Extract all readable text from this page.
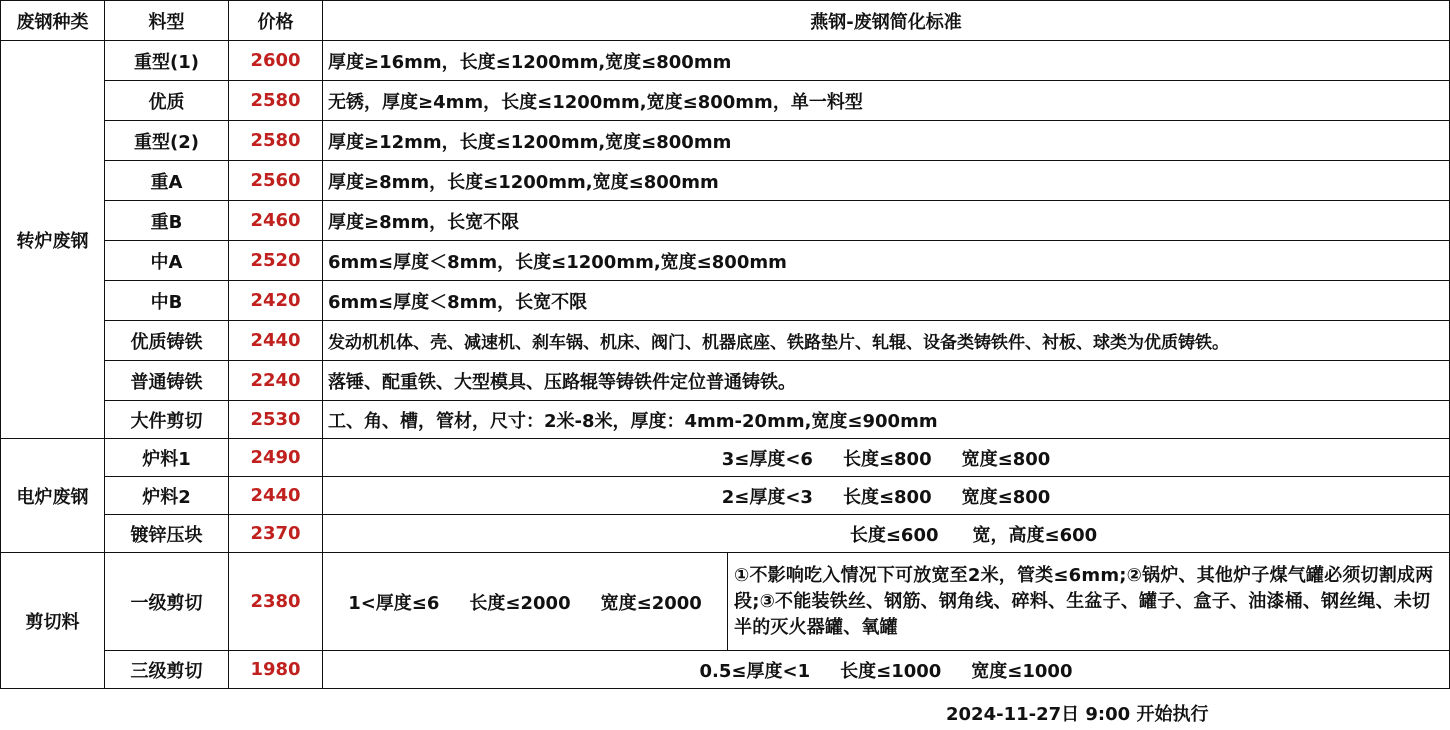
废钢种类	料型	价格	燕钢-废钢简化标准	
转炉废钢	重型(1)	2600	厚度≥16mm，长度≤1200mm,宽度≤800mm	
	优质	2580	无锈，厚度≥4mm，长度≤1200mm,宽度≤800mm，单一料型	
	重型(2)	2580	厚度≥12mm，长度≤1200mm,宽度≤800mm	
	重A	2560	厚度≥8mm，长度≤1200mm,宽度≤800mm	
	重B	2460	厚度≥8mm，长宽不限	
	中A	2520	6mm≤厚度＜8mm，长度≤1200mm,宽度≤800mm	
	中B	2420	6mm≤厚度＜8mm，长宽不限	
	优质铸铁	2440	发动机机体、壳、减速机、刹车锅、机床、阀门、机器底座、铁路垫片、轧辊、设备类铸铁件、衬板、球类为优质铸铁。	
	普通铸铁	2240	落锤、配重铁、大型模具、压路辊等铸铁件定位普通铸铁。	
	大件剪切	2530	工、角、槽，管材，尺寸：2米-8米，厚度：4mm-20mm,宽度≤900mm	
电炉废钢	炉料1	2490	3≤厚度<6 长度≤800 宽度≤800	
	炉料2	2440	2≤厚度<3 长度≤800 宽度≤800	
	镀锌压块	2370	长度≤600 宽，高度≤600	
剪切料	一级剪切	2380	1<厚度≤6 长度≤2000 宽度≤2000	①不影响吃入情况下可放宽至2米，管类≤6mm;②锅炉、其他炉子煤气罐必须切割成两段;③不能装铁丝、钢筋、钢角线、碎料、生盆子、罐子、盒子、油漆桶、钢丝绳、未切半的灭火器罐、氧罐
	三级剪切	1980	0.5≤厚度<1 长度≤1000 宽度≤1000	
2024-11-27日 9:00 开始执行
